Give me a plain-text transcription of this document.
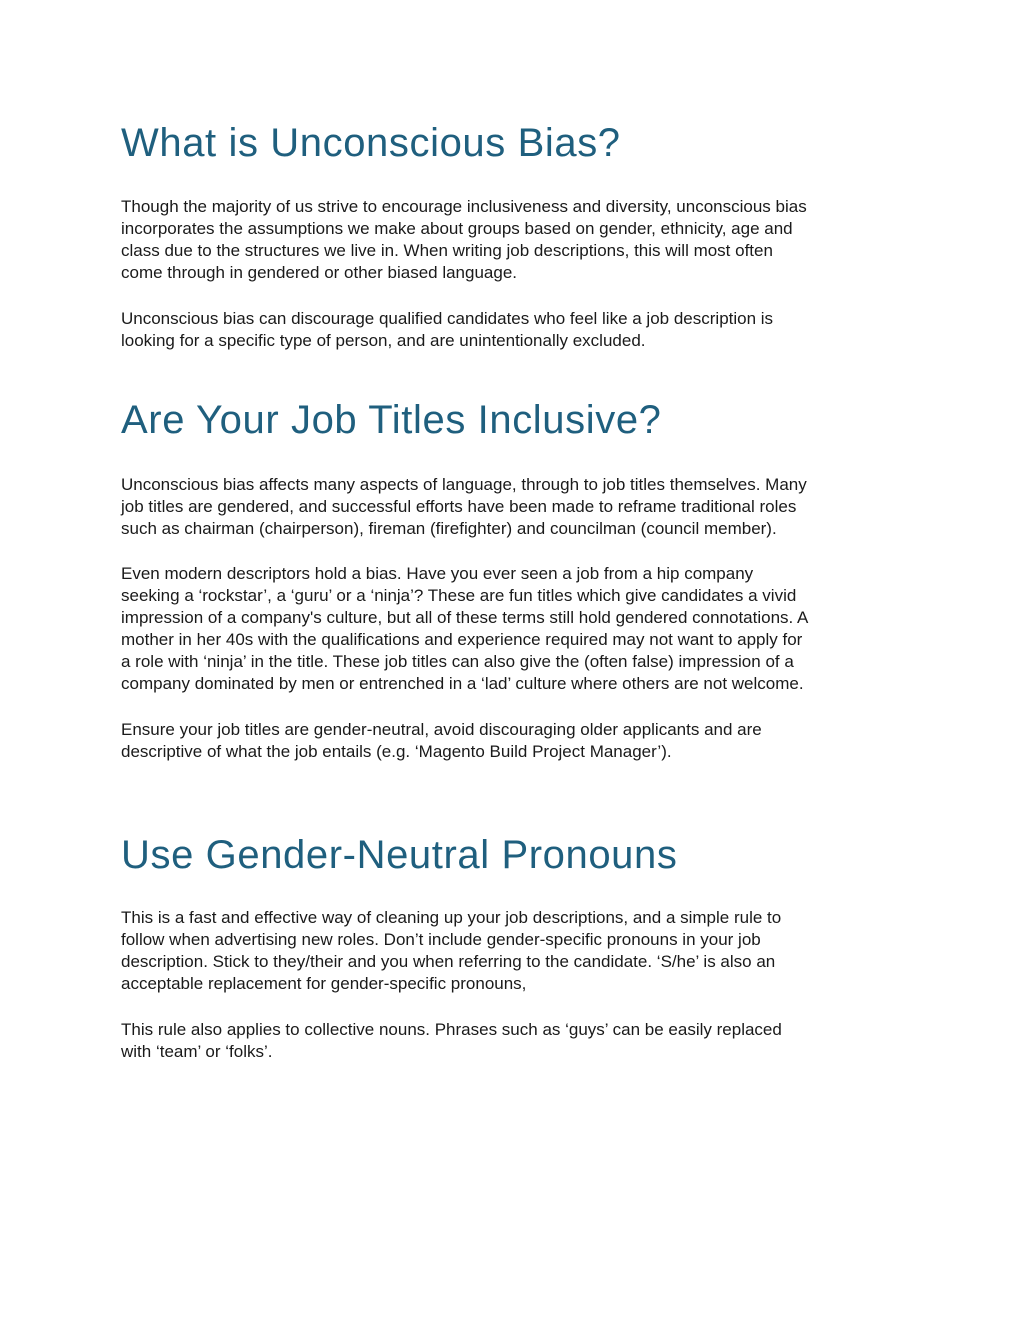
What is Unconscious Bias?

Though the majority of us strive to encourage inclusiveness and diversity, unconscious bias
incorporates the assumptions we make about groups based on gender, ethnicity, age and
class due to the structures we live in. When writing job descriptions, this will most often
come through in gendered or other biased language.

Unconscious bias can discourage qualified candidates who feel like a job description is
looking for a specific type of person, and are unintentionally excluded.

Are Your Job Titles Inclusive?

Unconscious bias affects many aspects of language, through to job titles themselves. Many
job titles are gendered, and successful efforts have been made to reframe traditional roles
such as chairman (chairperson), fireman (firefighter) and councilman (council member).

Even modern descriptors hold a bias. Have you ever seen a job from a hip company
seeking a ‘rockstar’, a ‘guru’ or a ‘ninja’? These are fun titles which give candidates a vivid
impression of a company's culture, but all of these terms still hold gendered connotations. A
mother in her 40s with the qualifications and experience required may not want to apply for
a role with ‘ninja’ in the title. These job titles can also give the (often false) impression of a
company dominated by men or entrenched in a ‘lad’ culture where others are not welcome.

Ensure your job titles are gender-neutral, avoid discouraging older applicants and are
descriptive of what the job entails (e.g. ‘Magento Build Project Manager’).

Use Gender-Neutral Pronouns

This is a fast and effective way of cleaning up your job descriptions, and a simple rule to
follow when advertising new roles. Don’t include gender-specific pronouns in your job
description. Stick to they/their and you when referring to the candidate. ‘S/he’ is also an
acceptable replacement for gender-specific pronouns,

This rule also applies to collective nouns. Phrases such as ‘guys’ can be easily replaced
with ‘team’ or ‘folks’.
